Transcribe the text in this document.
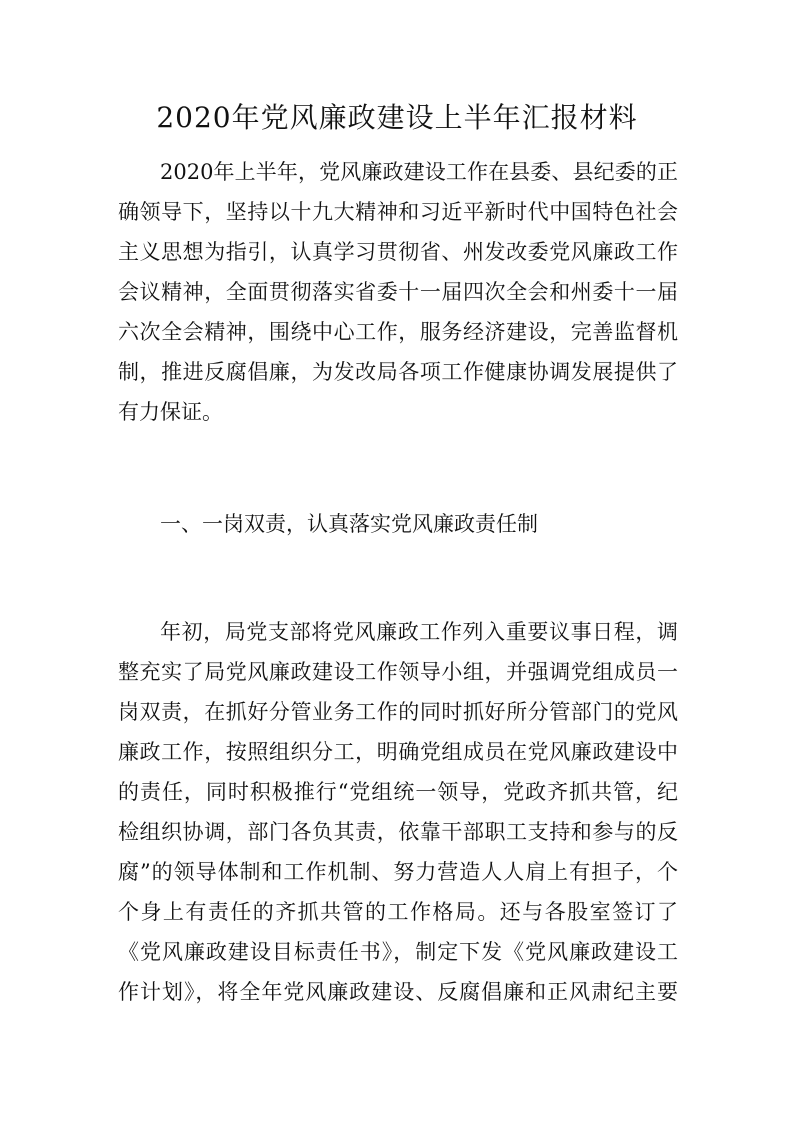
2020年党风廉政建设上半年汇报材料
2020年上半年，党风廉政建设工作在县委、县纪委的正
确领导下，坚持以十九大精神和习近平新时代中国特色社会
主义思想为指引，认真学习贯彻省、州发改委党风廉政工作
会议精神，全面贯彻落实省委十一届四次全会和州委十一届
六次全会精神，围绕中心工作，服务经济建设，完善监督机
制，推进反腐倡廉，为发改局各项工作健康协调发展提供了
有力保证。
一、一岗双责，认真落实党风廉政责任制
年初，局党支部将党风廉政工作列入重要议事日程，调
整充实了局党风廉政建设工作领导小组，并强调党组成员一
岗双责，在抓好分管业务工作的同时抓好所分管部门的党风
廉政工作，按照组织分工，明确党组成员在党风廉政建设中
的责任，同时积极推行“党组统一领导，党政齐抓共管，纪
检组织协调，部门各负其责，依靠干部职工支持和参与的反
腐”的领导体制和工作机制、努力营造人人肩上有担子，个
个身上有责任的齐抓共管的工作格局。还与各股室签订了
《党风廉政建设目标责任书》，制定下发《党风廉政建设工
作计划》，将全年党风廉政建设、反腐倡廉和正风肃纪主要
